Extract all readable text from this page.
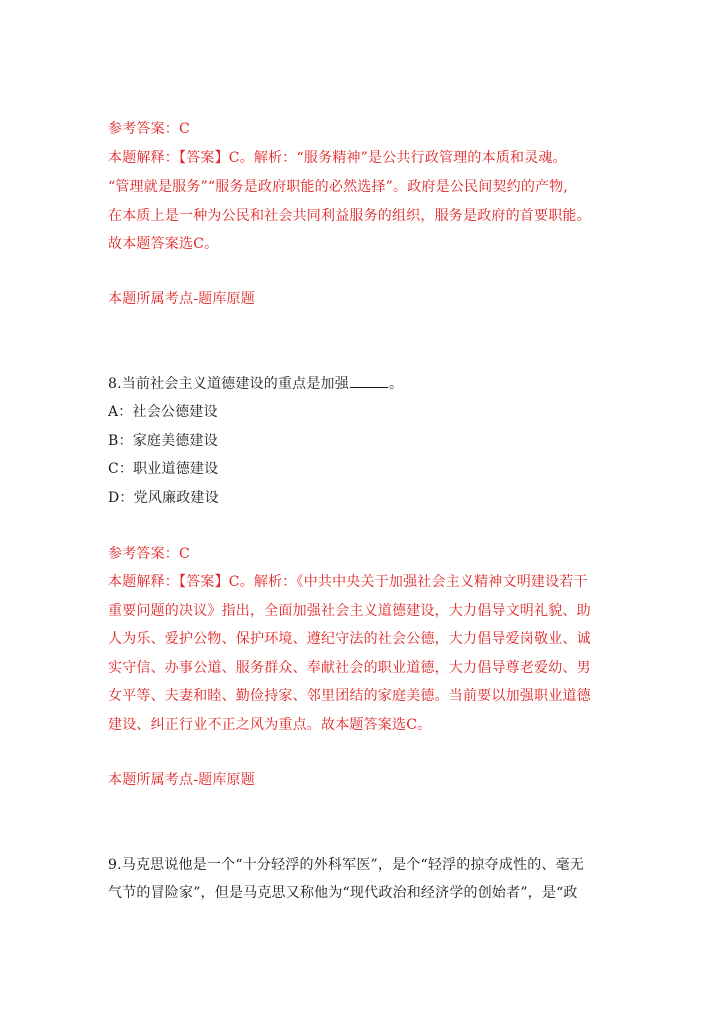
参考答案：C
本题解释：【答案】C。解析：“服务精神”是公共行政管理的本质和灵魂。
“管理就是服务”“服务是政府职能的必然选择”。政府是公民间契约的产物,
在本质上是一种为公民和社会共同利益服务的组织，服务是政府的首要职能。
故本题答案选C。
本题所属考点-题库原题
8.当前社会主义道德建设的重点是加强	。
A：社会公德建设
B：家庭美德建设
C：职业道德建设
D：党风廉政建设
参考答案：C
本题解释：【答案】C。解析：《中共中央关于加强社会主义精神文明建设若干
重要问题的决议》指出，全面加强社会主义道德建设，大力倡导文明礼貌、助
人为乐、爱护公物、保护环境、遵纪守法的社会公德，大力倡导爱岗敬业、诚
实守信、办事公道、服务群众、奉献社会的职业道德，大力倡导尊老爱幼、男
女平等、夫妻和睦、勤俭持家、邻里团结的家庭美德。当前要以加强职业道德
建设、纠正行业不正之风为重点。故本题答案选C。
本题所属考点-题库原题
9.马克思说他是一个“十分轻浮的外科军医”，是个“轻浮的掠夺成性的、毫无
气节的冒险家”，但是马克思又称他为“现代政治和经济学的创始者”，是“政
